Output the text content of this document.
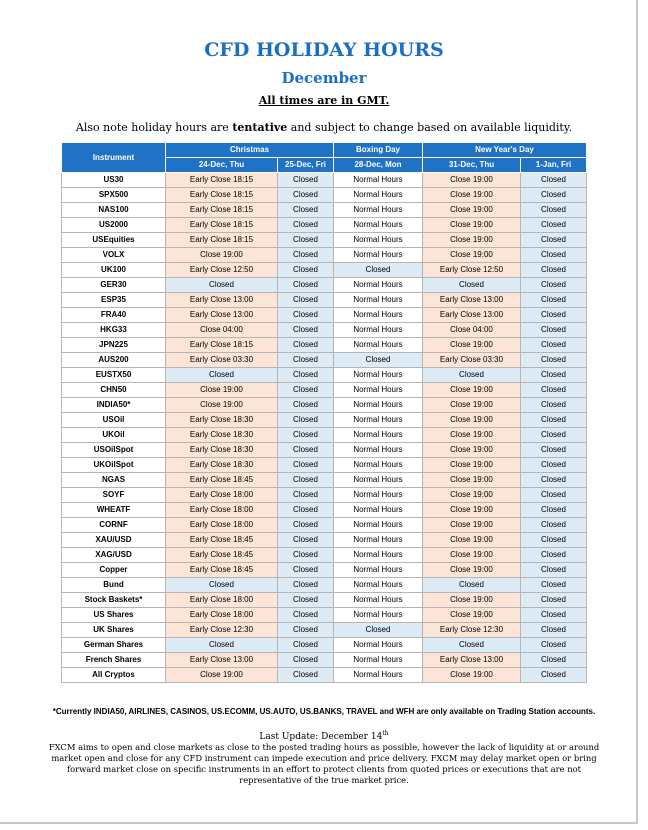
CFD HOLIDAY HOURS
December
All times are in GMT.
Also note holiday hours are tentative and subject to change based on available liquidity.
Instrument	Christmas		Boxing Day	New Year's Day	
	24-Dec, Thu	25-Dec, Fri	28-Dec, Mon	31-Dec, Thu	1-Jan, Fri
US30	Early Close 18:15	Closed	Normal Hours	Close 19:00	Closed
SPX500	Early Close 18:15	Closed	Normal Hours	Close 19:00	Closed
NAS100	Early Close 18:15	Closed	Normal Hours	Close 19:00	Closed
US2000	Early Close 18:15	Closed	Normal Hours	Close 19:00	Closed
USEquities	Early Close 18:15	Closed	Normal Hours	Close 19:00	Closed
VOLX	Close 19:00	Closed	Normal Hours	Close 19:00	Closed
UK100	Early Close 12:50	Closed	Closed	Early Close 12:50	Closed
GER30	Closed	Closed	Normal Hours	Closed	Closed
ESP35	Early Close 13:00	Closed	Normal Hours	Early Close 13:00	Closed
FRA40	Early Close 13:00	Closed	Normal Hours	Early Close 13:00	Closed
HKG33	Close 04:00	Closed	Normal Hours	Close 04:00	Closed
JPN225	Early Close 18:15	Closed	Normal Hours	Close 19:00	Closed
AUS200	Early Close 03:30	Closed	Closed	Early Close 03:30	Closed
EUSTX50	Closed	Closed	Normal Hours	Closed	Closed
CHN50	Close 19:00	Closed	Normal Hours	Close 19:00	Closed
INDIA50*	Close 19:00	Closed	Normal Hours	Close 19:00	Closed
USOil	Early Close 18:30	Closed	Normal Hours	Close 19:00	Closed
UKOil	Early Close 18:30	Closed	Normal Hours	Close 19:00	Closed
USOilSpot	Early Close 18:30	Closed	Normal Hours	Close 19:00	Closed
UKOilSpot	Early Close 18:30	Closed	Normal Hours	Close 19:00	Closed
NGAS	Early Close 18:45	Closed	Normal Hours	Close 19:00	Closed
SOYF	Early Close 18:00	Closed	Normal Hours	Close 19:00	Closed
WHEATF	Early Close 18:00	Closed	Normal Hours	Close 19:00	Closed
CORNF	Early Close 18:00	Closed	Normal Hours	Close 19:00	Closed
XAU/USD	Early Close 18:45	Closed	Normal Hours	Close 19:00	Closed
XAG/USD	Early Close 18:45	Closed	Normal Hours	Close 19:00	Closed
Copper	Early Close 18:45	Closed	Normal Hours	Close 19:00	Closed
Bund	Closed	Closed	Normal Hours	Closed	Closed
Stock Baskets*	Early Close 18:00	Closed	Normal Hours	Close 19:00	Closed
US Shares	Early Close 18:00	Closed	Normal Hours	Close 19:00	Closed
UK Shares	Early Close 12:30	Closed	Closed	Early Close 12:30	Closed
German Shares	Closed	Closed	Normal Hours	Closed	Closed
French Shares	Early Close 13:00	Closed	Normal Hours	Early Close 13:00	Closed
All Cryptos	Close 19:00	Closed	Normal Hours	Close 19:00	Closed
*Currently INDIA50, AIRLINES, CASINOS, US.ECOMM, US.AUTO, US.BANKS, TRAVEL and WFH are only available on Trading Station accounts.
Last Update: December 14th
FXCM aims to open and close markets as close to the posted trading hours as possible, however the lack of liquidity at or around market open and close for any CFD instrument can impede execution and price delivery. FXCM may delay market open or bring forward market close on specific instruments in an effort to protect clients from quoted prices or executions that are not representative of the true market price.
